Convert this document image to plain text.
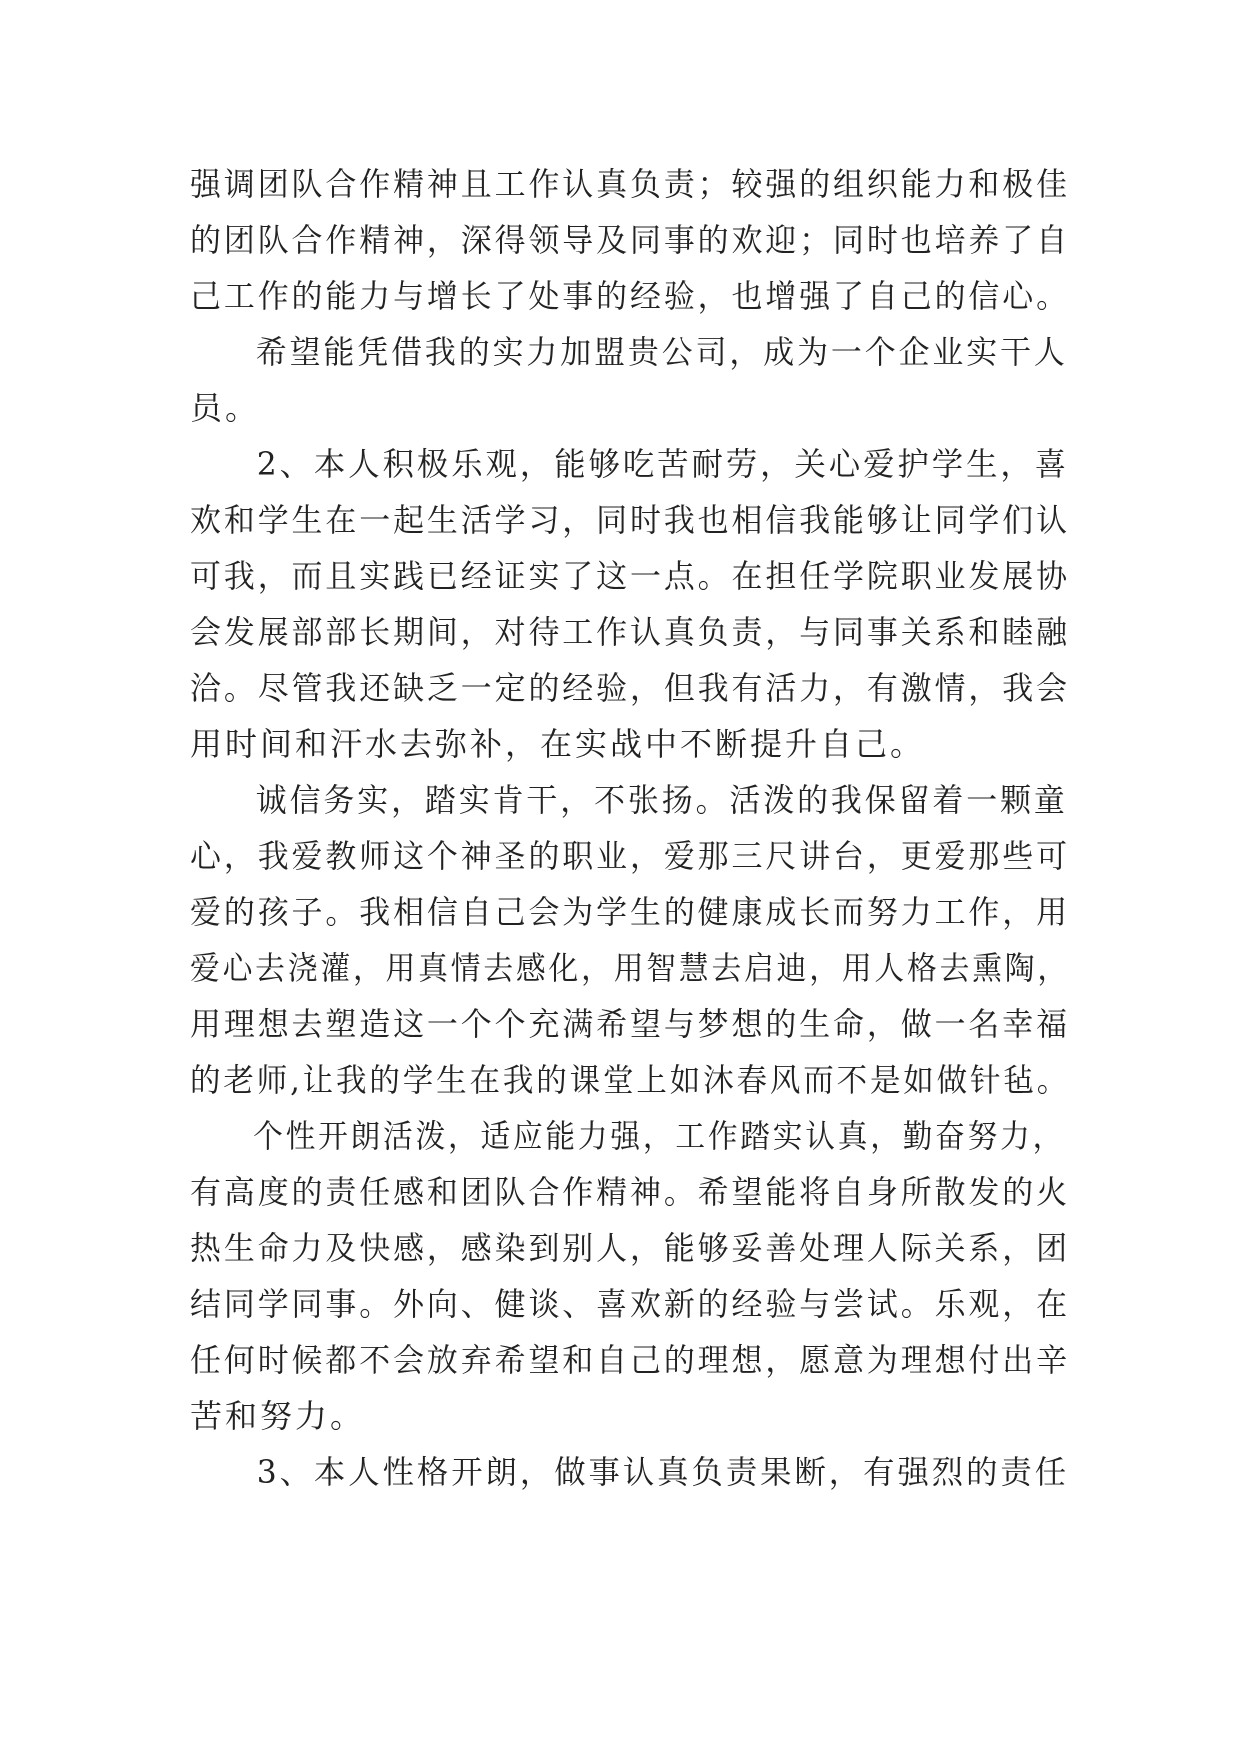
强调团队合作精神且工作认真负责；较强的组织能力和极佳
的团队合作精神，深得领导及同事的欢迎；同时也培养了自
己工作的能力与增长了处事的经验，也增强了自己的信心。
希望能凭借我的实力加盟贵公司，成为一个企业实干人
员。
2、本人积极乐观，能够吃苦耐劳，关心爱护学生，喜
欢和学生在一起生活学习，同时我也相信我能够让同学们认
可我，而且实践已经证实了这一点。在担任学院职业发展协
会发展部部长期间，对待工作认真负责，与同事关系和睦融
洽。尽管我还缺乏一定的经验，但我有活力，有激情，我会
用时间和汗水去弥补，在实战中不断提升自己。
诚信务实，踏实肯干，不张扬。活泼的我保留着一颗童
心，我爱教师这个神圣的职业，爱那三尺讲台，更爱那些可
爱的孩子。我相信自己会为学生的健康成长而努力工作，用
爱心去浇灌，用真情去感化，用智慧去启迪，用人格去熏陶，
用理想去塑造这一个个充满希望与梦想的生命，做一名幸福
的老师,让我的学生在我的课堂上如沐春风而不是如做针毡。
个性开朗活泼，适应能力强，工作踏实认真，勤奋努力，
有高度的责任感和团队合作精神。希望能将自身所散发的火
热生命力及快感，感染到别人，能够妥善处理人际关系，团
结同学同事。外向、健谈、喜欢新的经验与尝试。乐观，在
任何时候都不会放弃希望和自己的理想，愿意为理想付出辛
苦和努力。
3、本人性格开朗，做事认真负责果断，有强烈的责任
